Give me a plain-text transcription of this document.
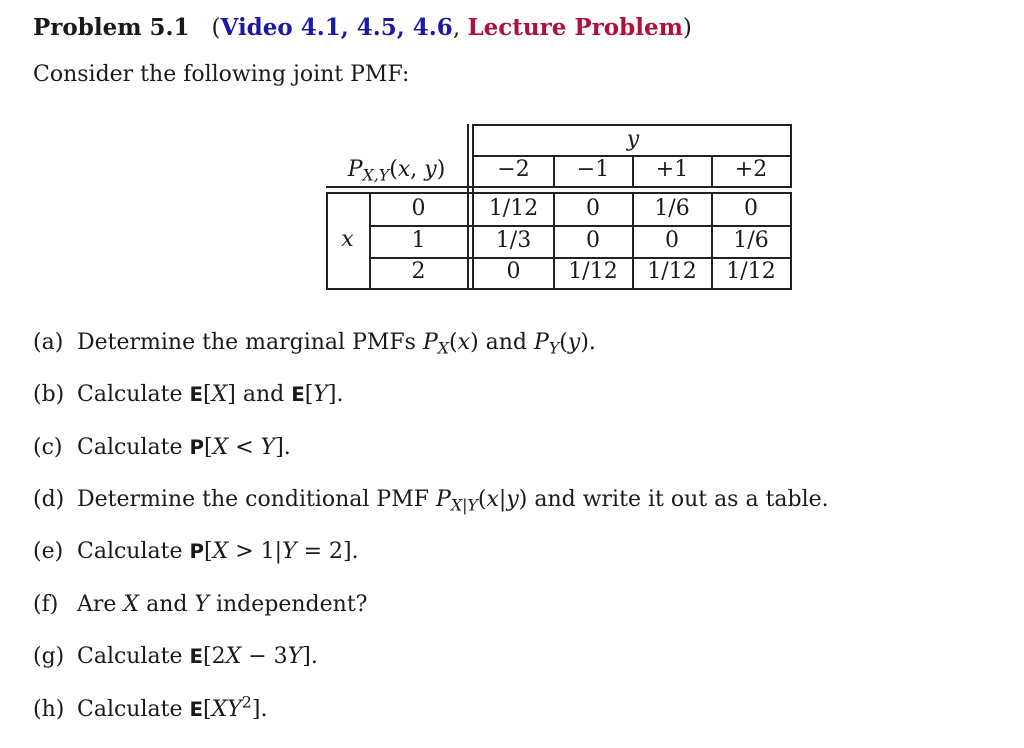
Problem 5.1 (Video 4.1, 4.5, 4.6, Lecture Problem)
Consider the following joint PMF:
y
$P_{X,Y}(x$, y)
x
−2	−1	+1	+2
0	1/12	0	1/6	0
1	1/3	0	0	1/6
2	0	1/12	1/12	1/12
(a) Determine the marginal PMFs $P_X(x)$ and $P_Y(y)$.
(b) Calculate E[X] and E[Y].
(c) Calculate P[X < Y].
(d) Determine the conditional PMF $P_{X|Y}(x|y)$ and write it out as a table.
(e) Calculate P[X > 1|Y = 2].
(f) Are X and Y independent?
(g) Calculate E[2X − 3Y].
(h) Calculate $E[XY^2]$.
